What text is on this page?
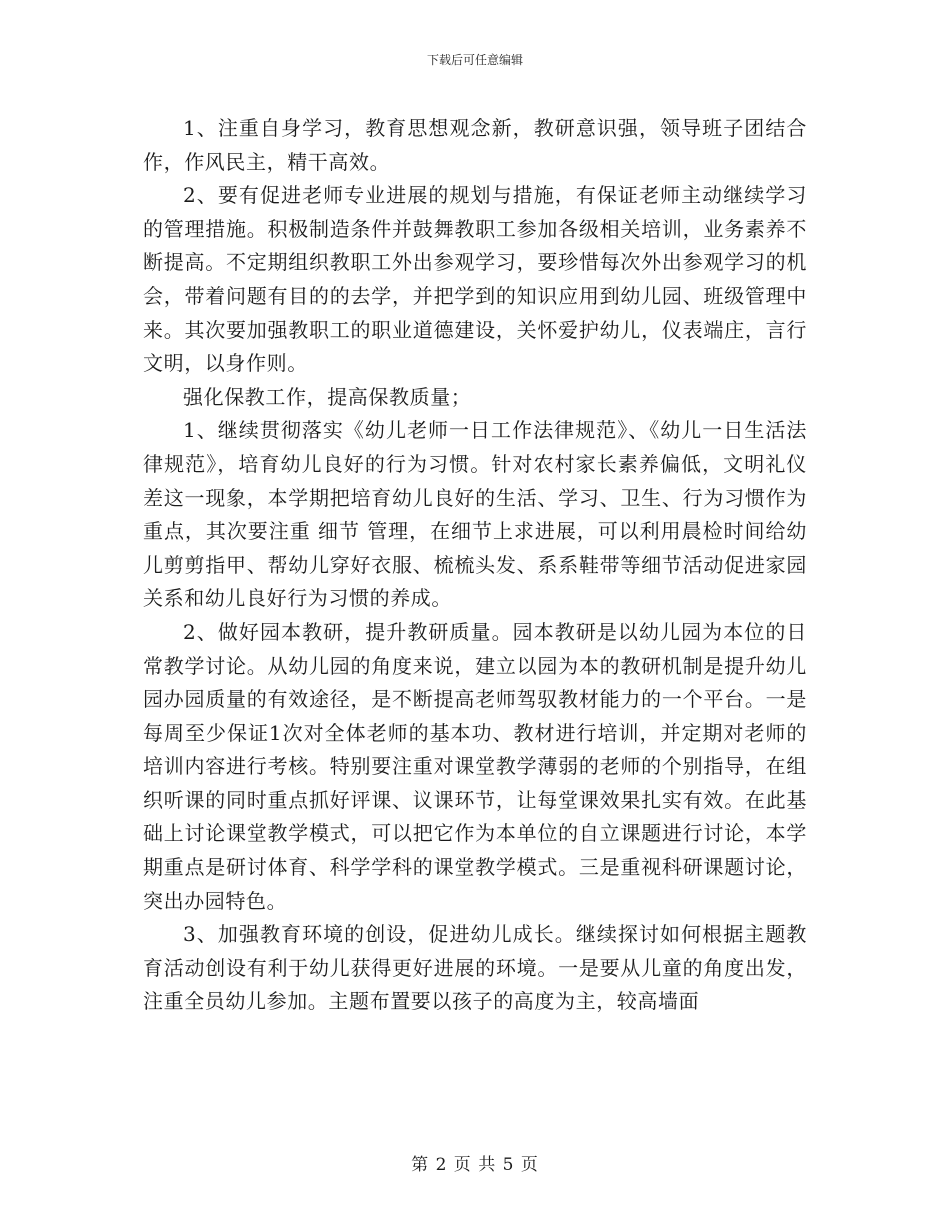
下载后可任意编辑

1、注重自身学习，教育思想观念新，教研意识强，领导班子团结合作，作风民主，精干高效。

2、要有促进老师专业进展的规划与措施，有保证老师主动继续学习的管理措施。积极制造条件并鼓舞教职工参加各级相关培训，业务素养不断提高。不定期组织教职工外出参观学习，要珍惜每次外出参观学习的机会，带着问题有目的的去学，并把学到的知识应用到幼儿园、班级管理中来。其次要加强教职工的职业道德建设，关怀爱护幼儿，仪表端庄，言行文明，以身作则。

强化保教工作，提高保教质量；

1、继续贯彻落实《幼儿老师一日工作法律规范》、《幼儿一日生活法律规范》，培育幼儿良好的行为习惯。针对农村家长素养偏低，文明礼仪差这一现象，本学期把培育幼儿良好的生活、学习、卫生、行为习惯作为重点，其次要注重 细节 管理，在细节上求进展，可以利用晨检时间给幼儿剪剪指甲、帮幼儿穿好衣服、梳梳头发、系系鞋带等细节活动促进家园关系和幼儿良好行为习惯的养成。

2、做好园本教研，提升教研质量。园本教研是以幼儿园为本位的日常教学讨论。从幼儿园的角度来说，建立以园为本的教研机制是提升幼儿园办园质量的有效途径，是不断提高老师驾驭教材能力的一个平台。一是每周至少保证1次对全体老师的基本功、教材进行培训，并定期对老师的培训内容进行考核。特别要注重对课堂教学薄弱的老师的个别指导，在组织听课的同时重点抓好评课、议课环节，让每堂课效果扎实有效。在此基础上讨论课堂教学模式，可以把它作为本单位的自立课题进行讨论，本学期重点是研讨体育、科学学科的课堂教学模式。三是重视科研课题讨论，突出办园特色。

3、加强教育环境的创设，促进幼儿成长。继续探讨如何根据主题教育活动创设有利于幼儿获得更好进展的环境。一是要从儿童的角度出发，注重全员幼儿参加。主题布置要以孩子的高度为主，较高墙面

第 2 页 共 5 页
